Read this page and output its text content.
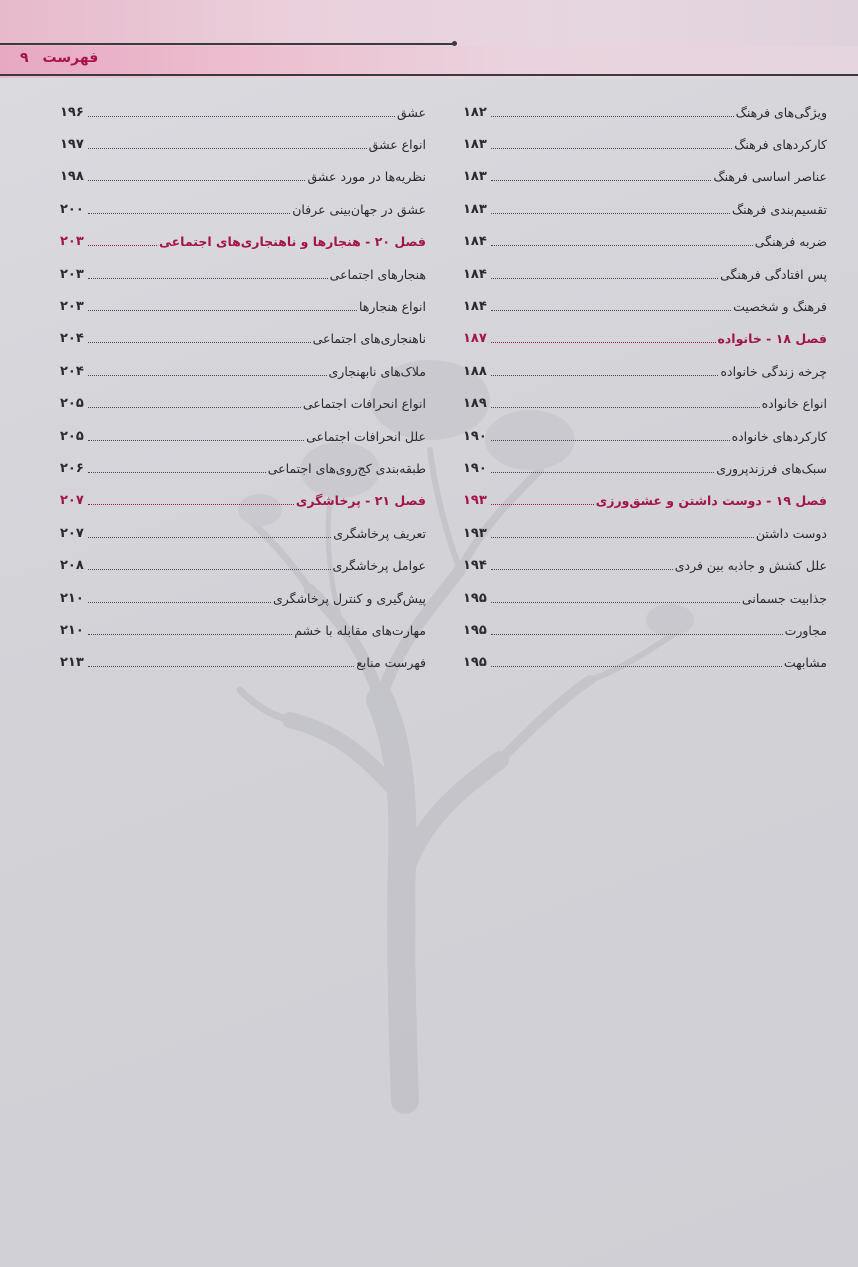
فهرست
۹
ویژگی‌های فرهنگ
۱۸۲
کارکردهای فرهنگ
۱۸۳
عناصر اساسی فرهنگ
۱۸۳
تقسیم‌بندی فرهنگ
۱۸۳
ضربه فرهنگی
۱۸۴
پس افتادگی فرهنگی
۱۸۴
فرهنگ و شخصیت
۱۸۴
فصل ۱۸ - خانواده
۱۸۷
چرخه زندگی خانواده
۱۸۸
انواع خانواده
۱۸۹
کارکردهای خانواده
۱۹۰
سبک‌های فرزندپروری
۱۹۰
فصل ۱۹ - دوست داشتن و عشق‌ورزی
۱۹۳
دوست داشتن
۱۹۳
علل کشش و جاذبه بین فردی
۱۹۴
جذابیت جسمانی
۱۹۵
مجاورت
۱۹۵
مشابهت
۱۹۵
عشق
۱۹۶
انواع عشق
۱۹۷
نظریه‌ها در مورد عشق
۱۹۸
عشق در جهان‌بینی عرفان
۲۰۰
فصل ۲۰ - هنجارها و ناهنجاری‌های اجتماعی
۲۰۳
هنجارهای اجتماعی
۲۰۳
انواع هنجارها
۲۰۳
ناهنجاری‌های اجتماعی
۲۰۴
ملاک‌های نابهنجاری
۲۰۴
انواع انحرافات اجتماعی
۲۰۵
علل انحرافات اجتماعی
۲۰۵
طبقه‌بندی کج‌روی‌های اجتماعی
۲۰۶
فصل ۲۱ - پرخاشگری
۲۰۷
تعریف پرخاشگری
۲۰۷
عوامل پرخاشگری
۲۰۸
پیش‌گیری و کنترل پرخاشگری
۲۱۰
مهارت‌های مقابله با خشم
۲۱۰
فهرست منابع
۲۱۳
